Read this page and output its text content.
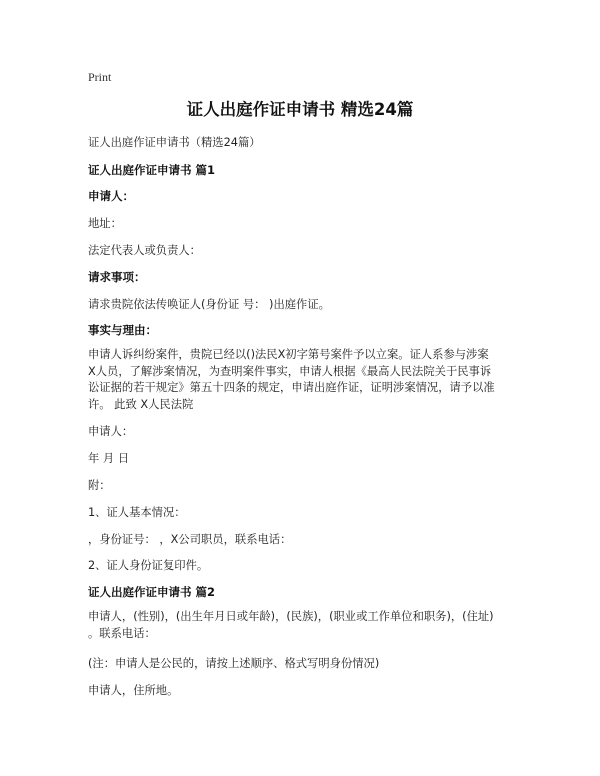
Print
证人出庭作证申请书 精选24篇
证人出庭作证申请书（精选24篇）
证人出庭作证申请书 篇1
申请人：
地址：
法定代表人或负责人：
请求事项：
请求贵院依法传唤证人(身份证 号： )出庭作证。
事实与理由：
申请人诉纠纷案件，贵院已经以()法民X初字第号案件予以立案。证人系参与涉案
X人员，了解涉案情况，为查明案件事实，申请人根据《最高人民法院关于民事诉
讼证据的若干规定》第五十四条的规定，申请出庭作证，证明涉案情况，请予以准
许。 此致 X人民法院
申请人：
年 月 日
附：
1、证人基本情况：
，身份证号： ，X公司职员，联系电话：
2、证人身份证复印件。
证人出庭作证申请书 篇2
申请人，(性别)，(出生年月日或年龄)，(民族)，(职业或工作单位和职务)，(住址)
。联系电话：
(注：申请人是公民的，请按上述顺序、格式写明身份情况)
申请人，住所地。
